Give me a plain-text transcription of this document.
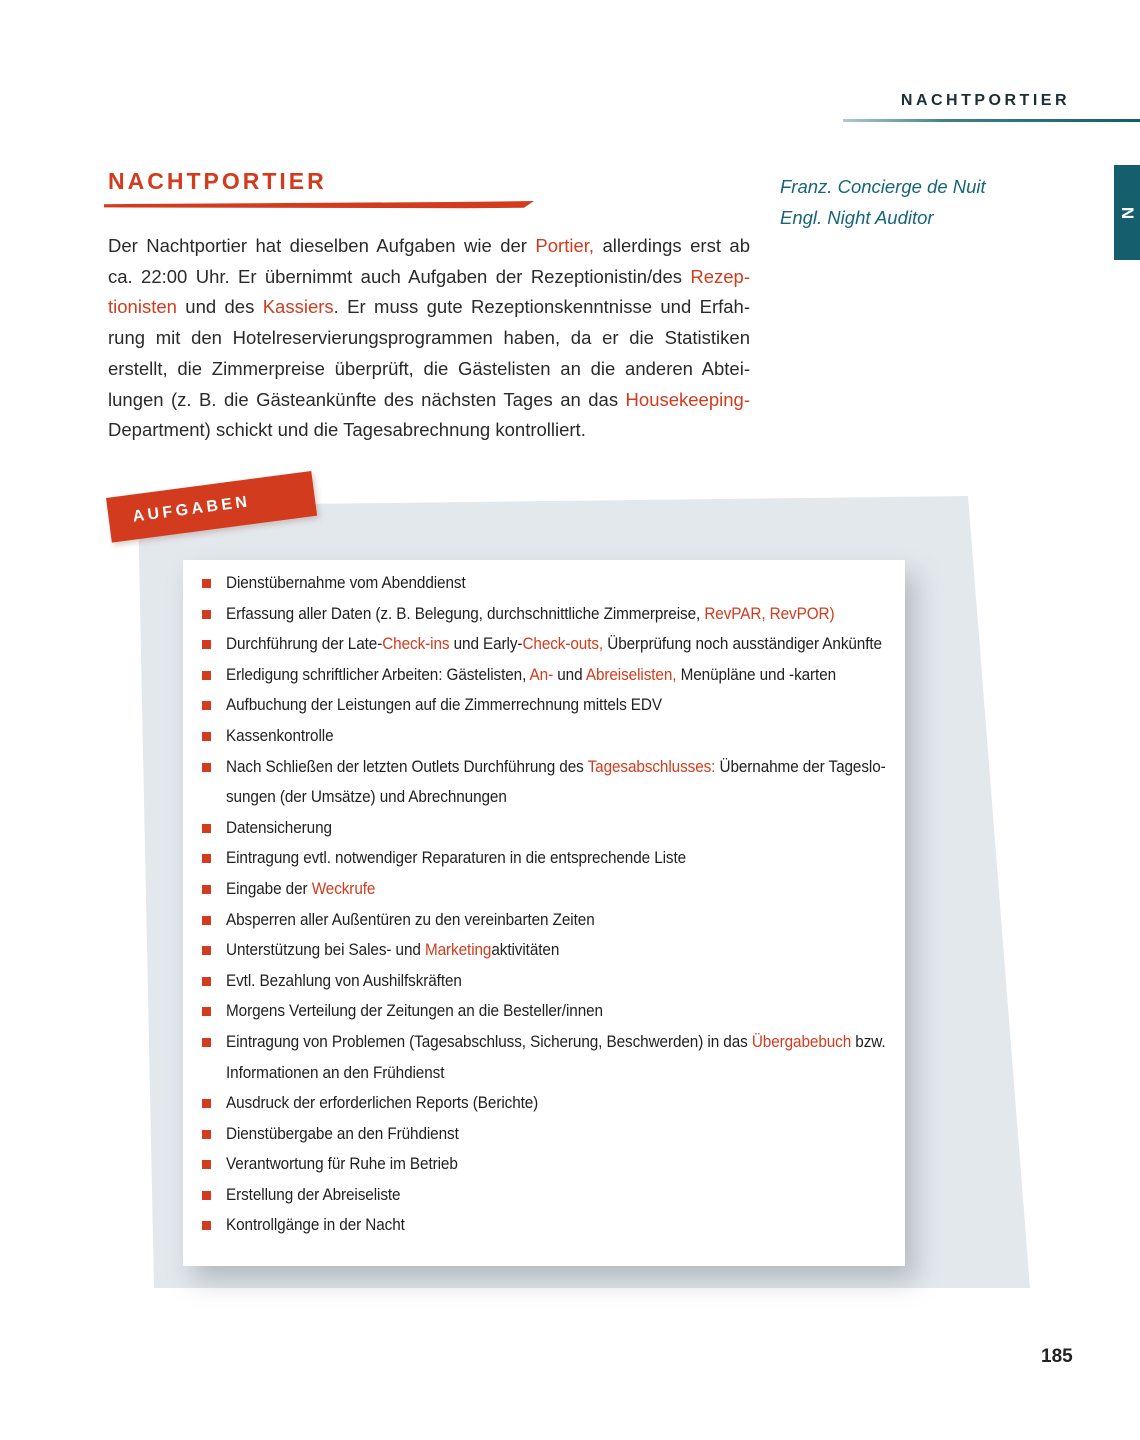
NACHTPORTIER
N
NACHTPORTIER	Franz. Concierge de Nuit
Engl. Night Auditor
Der Nachtportier hat dieselben Aufgaben wie der Portier, allerdings erst ab
ca. 22:00 Uhr. Er übernimmt auch Aufgaben der Rezeptionistin/des Rezep-
tionisten und des Kassiers. Er muss gute Rezeptionskenntnisse und Erfah-
rung mit den Hotelreservierungsprogrammen haben, da er die Statistiken
erstellt, die Zimmerpreise überprüft, die Gästelisten an die anderen Abtei-
lungen (z. B. die Gästeankünfte des nächsten Tages an das Housekeeping-
Department) schickt und die Tagesabrechnung kontrolliert.
AUFGABEN
Dienstübernahme vom Abenddienst
Erfassung aller Daten (z. B. Belegung, durchschnittliche Zimmerpreise, RevPAR, RevPOR)
Durchführung der Late-Check-ins und Early-Check-outs, Überprüfung noch ausständiger Ankünfte
Erledigung schriftlicher Arbeiten: Gästelisten, An- und Abreiselisten, Menüpläne und -karten
Aufbuchung der Leistungen auf die Zimmerrechnung mittels EDV
Kassenkontrolle
Nach Schließen der letzten Outlets Durchführung des Tagesabschlusses: Übernahme der Tageslo-
sungen (der Umsätze) und Abrechnungen
Datensicherung
Eintragung evtl. notwendiger Reparaturen in die entsprechende Liste
Eingabe der Weckrufe
Absperren aller Außentüren zu den vereinbarten Zeiten
Unterstützung bei Sales- und Marketingaktivitäten
Evtl. Bezahlung von Aushilfskräften
Morgens Verteilung der Zeitungen an die Besteller/innen
Eintragung von Problemen (Tagesabschluss, Sicherung, Beschwerden) in das Übergabebuch bzw.
Informationen an den Frühdienst
Ausdruck der erforderlichen Reports (Berichte)
Dienstübergabe an den Frühdienst
Verantwortung für Ruhe im Betrieb
Erstellung der Abreiseliste
Kontrollgänge in der Nacht
185
